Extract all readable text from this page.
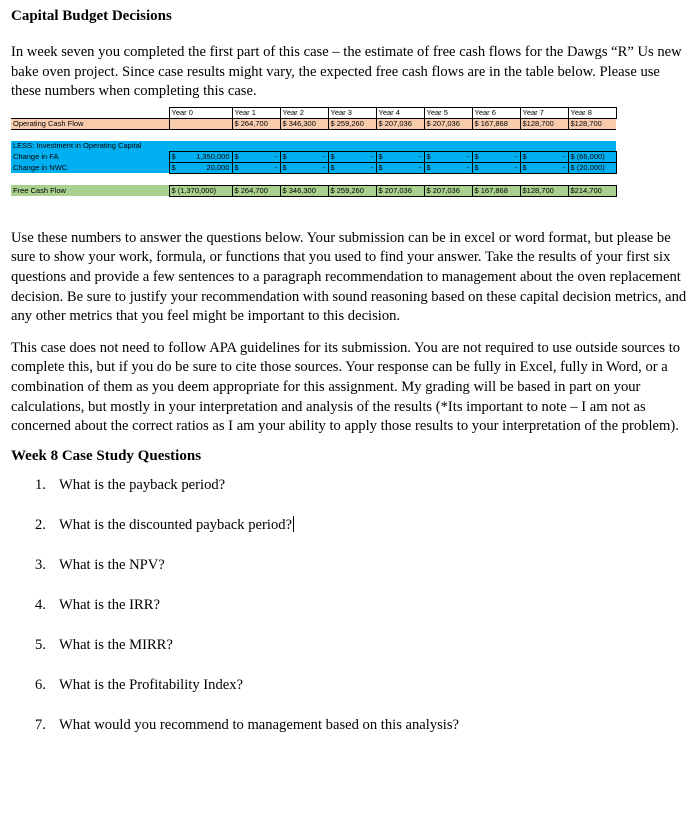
Capital Budget Decisions

In week seven you completed the first part of this case – the estimate of free cash flows for the Dawgs “R” Us new bake oven project. Since case results might vary, the expected free cash flows are in the table below. Please use these numbers when completing this case.

	Year 0	Year 1	Year 2	Year 3	Year 4	Year 5	Year 6	Year 7	Year 8
Operating Cash Flow		$ 264,700	$ 346,300	$ 259,260	$ 207,036	$ 207,036	$ 167,868	$128,700	$128,700

LESS: Investment in Operating Capital									
Change in FA	$ 1,350,000	$ -	$ -	$ -	$ -	$ -	$ -	$ -	$ (66,000)
Change in NWC	$ 20,000	$ -	$ -	$ -	$ -	$ -	$ -	$ -	$ (20,000)

Free Cash Flow	$ (1,370,000)	$ 264,700	$ 346,300	$ 259,260	$ 207,036	$ 207,036	$ 167,868	$128,700	$214,700

Use these numbers to answer the questions below. Your submission can be in excel or word format, but please be sure to show your work, formula, or functions that you used to find your answer. Take the results of your first six questions and provide a few sentences to a paragraph recommendation to management about the oven replacement decision. Be sure to justify your recommendation with sound reasoning based on these capital decision metrics, and any other metrics that you feel might be important to this decision.

This case does not need to follow APA guidelines for its submission. You are not required to use outside sources to complete this, but if you do be sure to cite those sources. Your response can be fully in Excel, fully in Word, or a combination of them as you deem appropriate for this assignment. My grading will be based in part on your calculations, but mostly in your interpretation and analysis of the results (*Its important to note – I am not as concerned about the correct ratios as I am your ability to apply those results to your interpretation of the problem).

Week 8 Case Study Questions
1. What is the payback period?
2. What is the discounted payback period?
3. What is the NPV?
4. What is the IRR?
5. What is the MIRR?
6. What is the Profitability Index?
7. What would you recommend to management based on this analysis?
